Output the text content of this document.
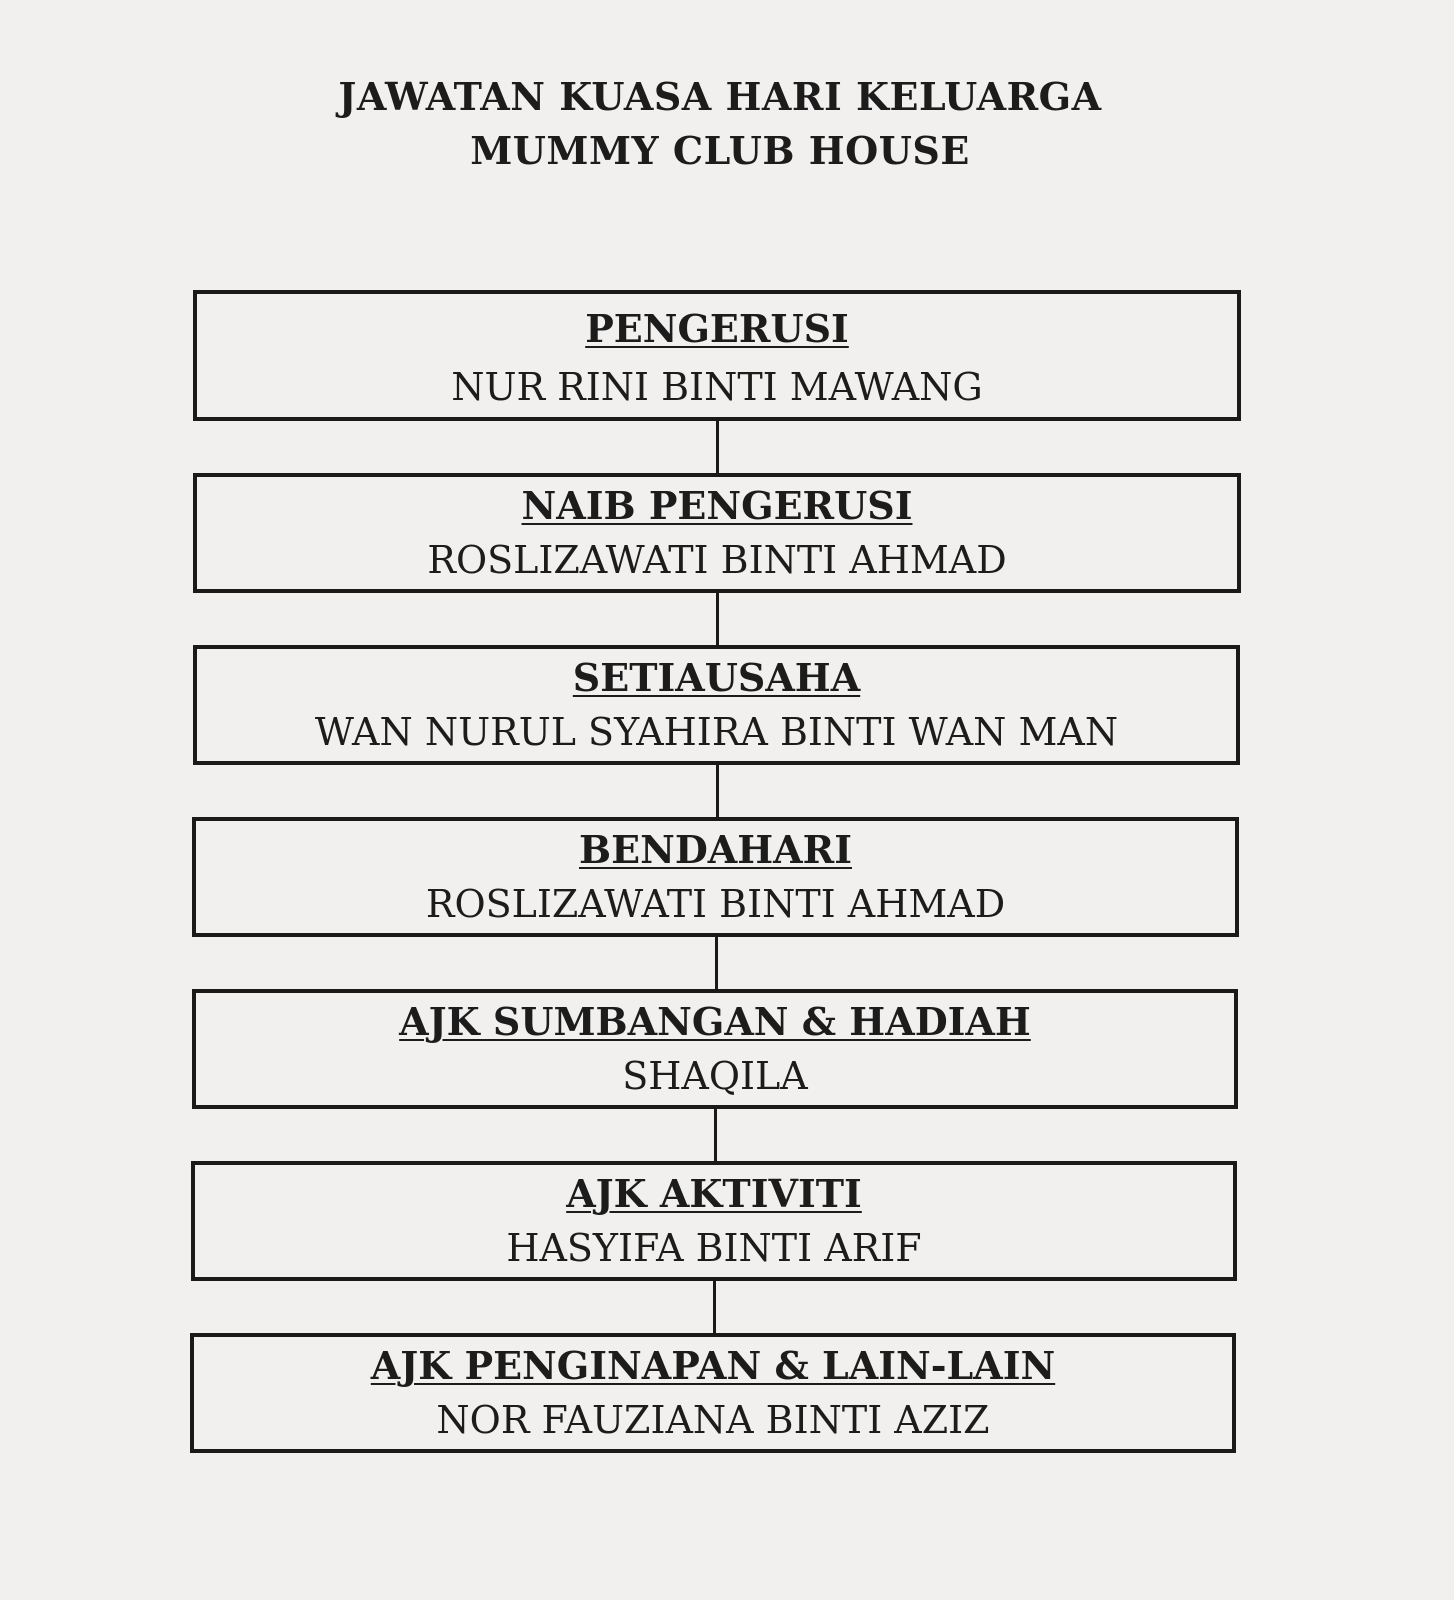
JAWATAN KUASA HARI KELUARGA
MUMMY CLUB HOUSE
PENGERUSI
NUR RINI BINTI MAWANG
NAIB PENGERUSI
ROSLIZAWATI BINTI AHMAD
SETIAUSAHA
WAN NURUL SYAHIRA BINTI WAN MAN
BENDAHARI
ROSLIZAWATI BINTI AHMAD
AJK SUMBANGAN & HADIAH
SHAQILA
AJK AKTIVITI
HASYIFA BINTI ARIF
AJK PENGINAPAN & LAIN-LAIN
NOR FAUZIANA BINTI AZIZ
